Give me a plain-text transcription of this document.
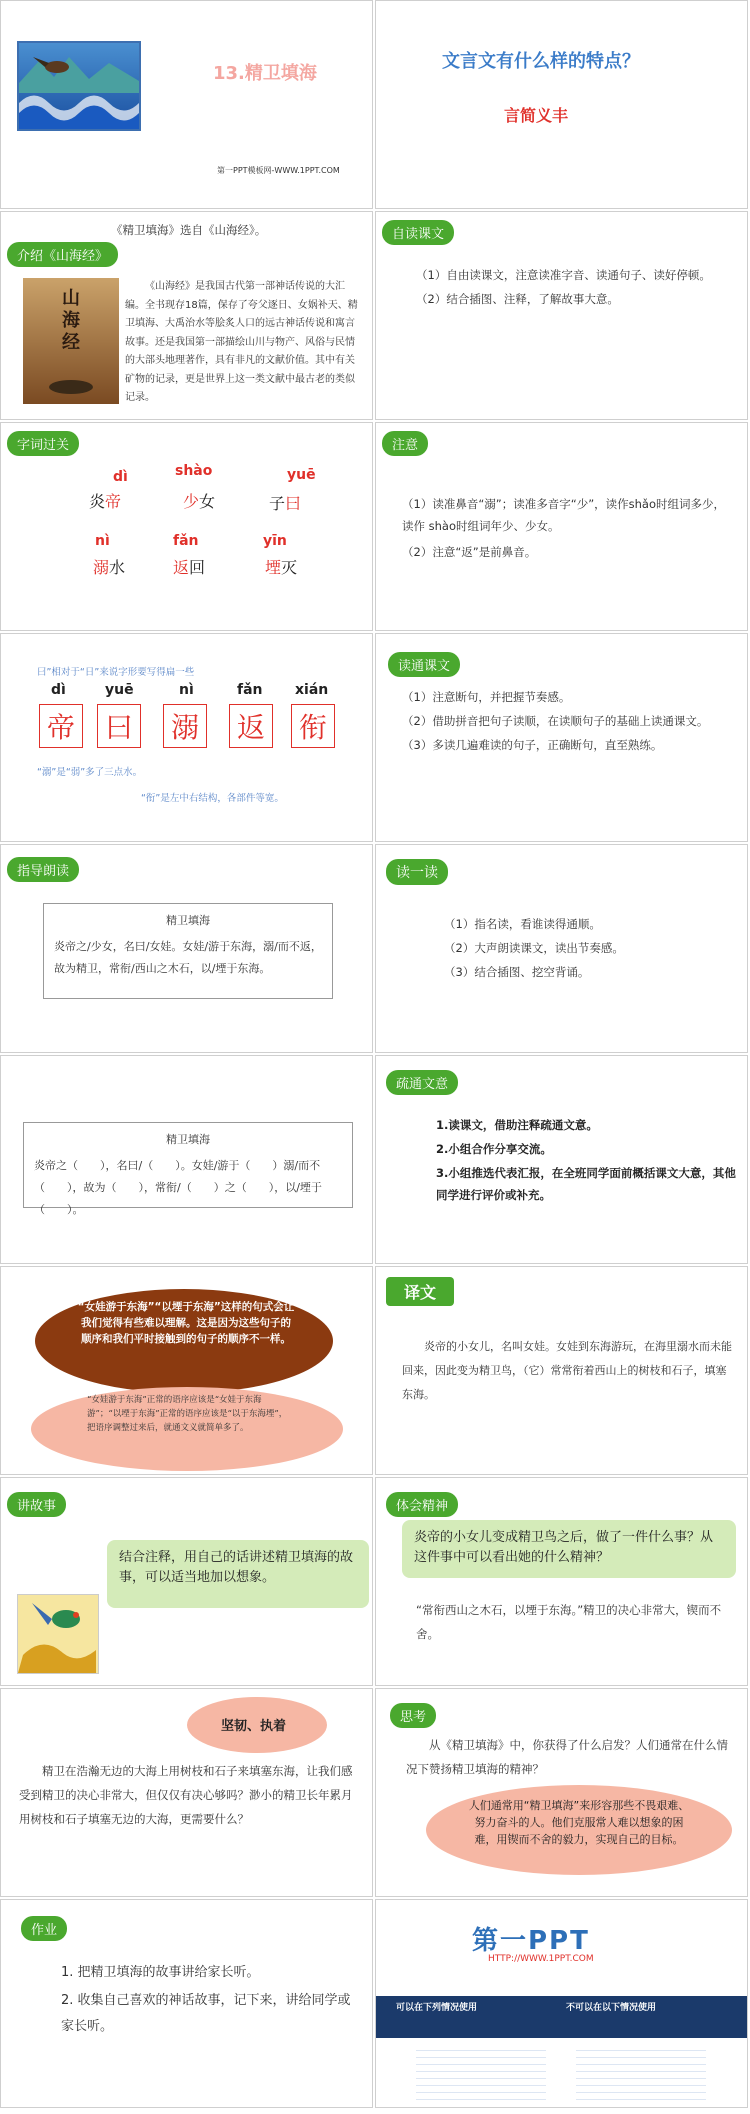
13.精卫填海
第一PPT模板网-WWW.1PPT.COM
文言文有什么样的特点？
言简义丰
《精卫填海》选自《山海经》。
介绍《山海经》
山海经
《山海经》是我国古代第一部神话传说的大汇编。全书现存18篇，保存了夸父逐日、女娲补天、精卫填海、大禹治水等脍炙人口的远古神话传说和寓言故事。还是我国第一部描绘山川与物产、风俗与民情的大部头地理著作，具有非凡的文献价值。其中有关矿物的记录，更是世界上这一类文献中最古老的类似记录。
自读课文
（1）自由读课文，注意读准字音、读通句子、读好停顿。
（2）结合插图、注释，了解故事大意。
字词过关
dì
炎帝
shào
少女
yuē
子曰
nì
溺水
fǎn
返回
yīn
堙灭
注意
（1）读准鼻音“溺”；读准多音字“少”，读作shǎo时组词多少，读作 shào时组词年少、少女。
（2）注意“返”是前鼻音。
曰”相对于“日”来说字形要写得扁一些
dì	yuē	nì	fǎn xián
帝 曰 溺 返 衔
“溺”是“弱”多了三点水。
“衔”是左中右结构，各部件等宽。
读通课文
（1）注意断句，并把握节奏感。
（2）借助拼音把句子读顺，在读顺句子的基础上读通课文。
（3）多读几遍难读的句子，正确断句，直至熟练。
指导朗读
精卫填海
炎帝之/少女，名曰/女娃。女娃/游于东海，溺/而不返，故为精卫，常衔/西山之木石，以/堙于东海。
读一读
（1）指名读，看谁读得通顺。
（2）大声朗读课文，读出节奏感。
（3）结合插图、挖空背诵。
精卫填海
炎帝之（　　），名曰/（　　）。女娃/游于（　　）溺/而不（　　），故为（　　），常衔/（　　）之（　　），以/堙于（　　）。
疏通文意
1.读课文，借助注释疏通文意。
2.小组合作分享交流。
3.小组推选代表汇报，在全班同学面前概括课文大意，其他同学进行评价或补充。
“女娃游于东海”“以堙于东海”这样的句式会让我们觉得有些难以理解。这是因为这些句子的顺序和我们平时接触到的句子的顺序不一样。
“女娃游于东海”正常的语序应该是“女娃于东海游”；“以堙于东海”正常的语序应该是“以于东海堙”，把语序调整过来后，就通文义就简单多了。
译文
炎帝的小女儿，名叫女娃。女娃到东海游玩，在海里溺水而未能回来，因此变为精卫鸟，（它）常常衔着西山上的树枝和石子，填塞东海。
讲故事
结合注释，用自己的话讲述精卫填海的故事，可以适当地加以想象。
体会精神
炎帝的小女儿变成精卫鸟之后，做了一件什么事？从这件事中可以看出她的什么精神？
“常衔西山之木石，以堙于东海。”精卫的决心非常大，锲而不舍。
坚韧、执着
精卫在浩瀚无边的大海上用树枝和石子来填塞东海，让我们感受到精卫的决心非常大，但仅仅有决心够吗？渺小的精卫长年累月用树枝和石子填塞无边的大海，更需要什么？
思考
从《精卫填海》中，你获得了什么启发？人们通常在什么情况下赞扬精卫填海的精神？
人们通常用“精卫填海”来形容那些不畏艰难、努力奋斗的人。他们克服常人难以想象的困难，用锲而不舍的毅力，实现自己的目标。
作业
1. 把精卫填海的故事讲给家长听。
2. 收集自己喜欢的神话故事，记下来，讲给同学或家长听。
第一PPT
HTTP://WWW.1PPT.COM
可以在下列情况使用	不可以在以下情况使用
